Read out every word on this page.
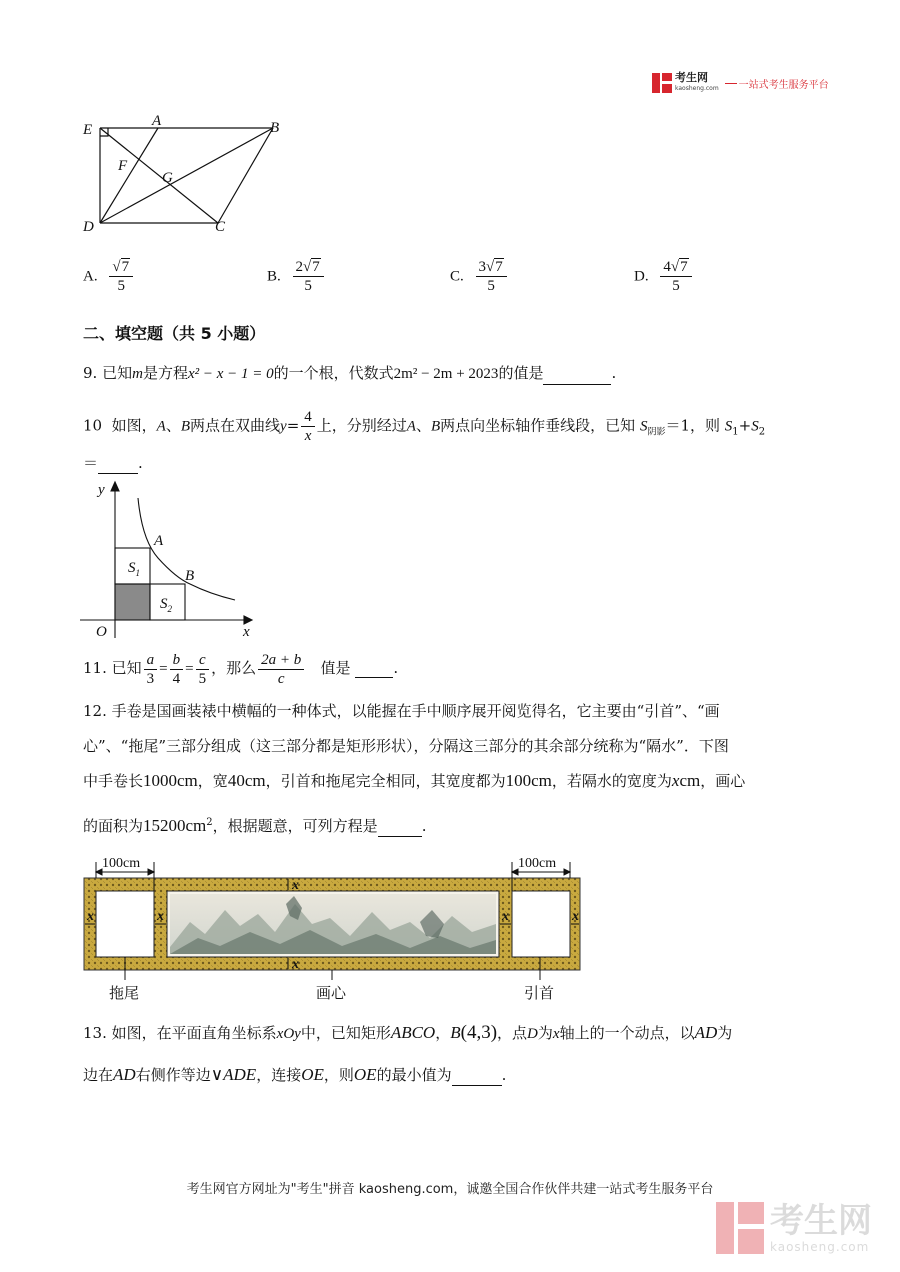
考生网
kaosheng.com 一站式考生服务平台
E
A	B
F
G
D	C
A. $\frac{√7}{5}$	B. $\frac{2√7}{5}$	C. $\frac{3√7}{5}$	D. $\frac{4√7}{5}$
二、填空题（共 5 小题）
9. 已知m是方程x² − x − 1 = 0的一个根，代数式2m² − 2m + 2023的值是	.
10 如图，A、B两点在双曲线$y= \frac{4}{x}$ 上，分别经过A、B两点向坐标轴作垂线段，已知 $S_{阴影}=1$，则 $S_1+S_2$
＝	.
y
x
O
A
B
$S_1$
$S_2$
11. 已知 $\frac{a}{3} = \frac{b}{4} = \frac{c}{5}$ ，那么 $\frac{2a + b}{c}$ 值是	.
12. 手卷是国画装裱中横幅的一种体式，以能握在手中顺序展开阅览得名，它主要由“引首”、“画
心”、“拖尾”三部分组成（这三部分都是矩形形状），分隔这三部分的其余部分统称为“隔水”．下图
中手卷长1000cm，宽40cm，引首和拖尾完全相同，其宽度都为100cm，若隔水的宽度为xcm，画心
的面积为$15200cm^2$，根据题意，可列方程是	.
100cm	100cm
x
x
x	x	x	x
拖尾	画心	引首
13. 如图，在平面直角坐标系xOy中，已知矩形ABCO，B(4,3)，点D为x轴上的一个动点，以AD为
边在AD右侧作等边∨ADE，连接OE，则OE的最小值为	.
考生网官方网址为"考生"拼音 kaosheng.com，诚邀全国合作伙伴共建一站式考生服务平台
考生网
kaosheng.com
